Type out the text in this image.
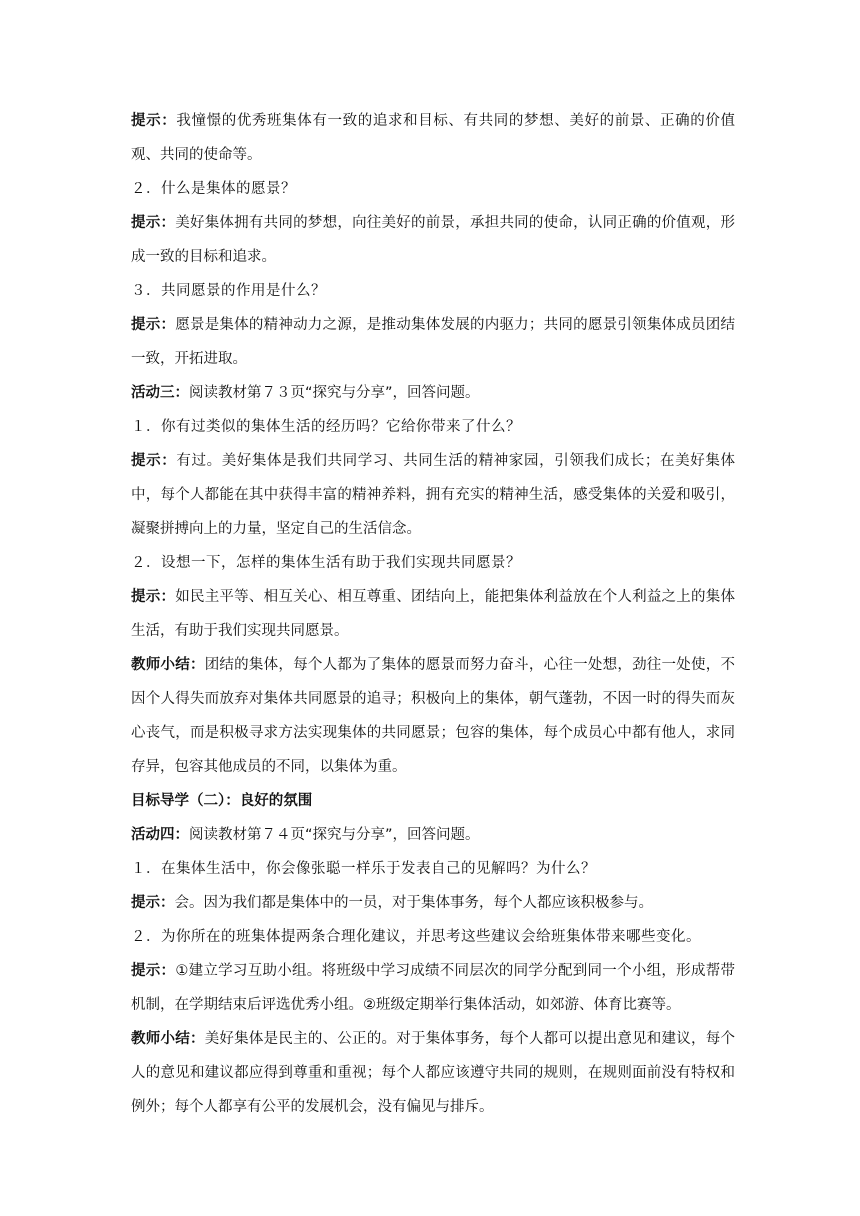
提示：我憧憬的优秀班集体有一致的追求和目标、有共同的梦想、美好的前景、正确的价值观、共同的使命等。

２．什么是集体的愿景？

提示：美好集体拥有共同的梦想，向往美好的前景，承担共同的使命，认同正确的价值观，形成一致的目标和追求。

３．共同愿景的作用是什么？

提示：愿景是集体的精神动力之源，是推动集体发展的内驱力；共同的愿景引领集体成员团结一致，开拓进取。

活动三：阅读教材第７３页“探究与分享”，回答问题。

１．你有过类似的集体生活的经历吗？它给你带来了什么？

提示：有过。美好集体是我们共同学习、共同生活的精神家园，引领我们成长；在美好集体中，每个人都能在其中获得丰富的精神养料，拥有充实的精神生活，感受集体的关爱和吸引，凝聚拼搏向上的力量，坚定自己的生活信念。

２．设想一下，怎样的集体生活有助于我们实现共同愿景？

提示：如民主平等、相互关心、相互尊重、团结向上，能把集体利益放在个人利益之上的集体生活，有助于我们实现共同愿景。

教师小结：团结的集体，每个人都为了集体的愿景而努力奋斗，心往一处想，劲往一处使，不因个人得失而放弃对集体共同愿景的追寻；积极向上的集体，朝气蓬勃，不因一时的得失而灰心丧气，而是积极寻求方法实现集体的共同愿景；包容的集体，每个成员心中都有他人，求同存异，包容其他成员的不同，以集体为重。

目标导学（二）：良好的氛围

活动四：阅读教材第７４页“探究与分享”，回答问题。

１．在集体生活中，你会像张聪一样乐于发表自己的见解吗？为什么？

提示：会。因为我们都是集体中的一员，对于集体事务，每个人都应该积极参与。

２．为你所在的班集体提两条合理化建议，并思考这些建议会给班集体带来哪些变化。

提示：①建立学习互助小组。将班级中学习成绩不同层次的同学分配到同一个小组，形成帮带机制，在学期结束后评选优秀小组。②班级定期举行集体活动，如郊游、体育比赛等。

教师小结：美好集体是民主的、公正的。对于集体事务，每个人都可以提出意见和建议，每个人的意见和建议都应得到尊重和重视；每个人都应该遵守共同的规则，在规则面前没有特权和例外；每个人都享有公平的发展机会，没有偏见与排斥。
